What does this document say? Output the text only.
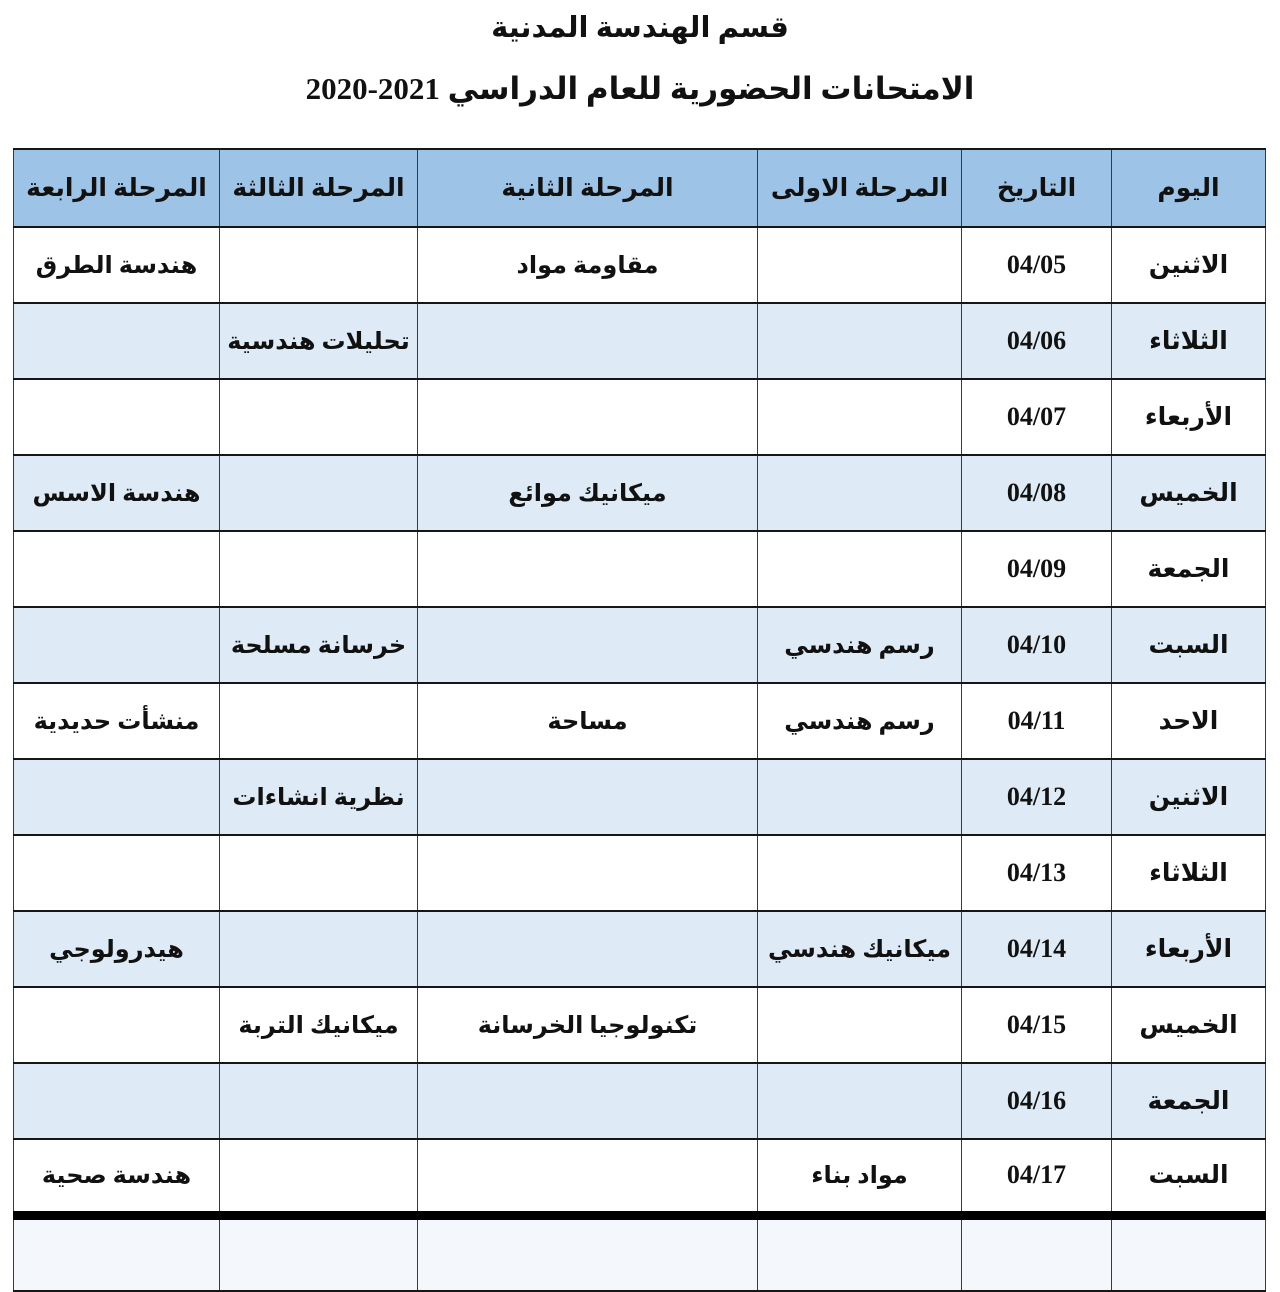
قسم الهندسة المدنية
الامتحانات الحضورية للعام الدراسي 2021-2020
اليوم	التاريخ	المرحلة الاولى	المرحلة الثانية	المرحلة الثالثة	المرحلة الرابعة
الاثنين	04/05		مقاومة مواد		هندسة الطرق
الثلاثاء	04/06			تحليلات هندسية	
الأربعاء	04/07				
الخميس	04/08		ميكانيك موائع		هندسة الاسس
الجمعة	04/09				
السبت	04/10	رسم هندسي		خرسانة مسلحة	
الاحد	04/11	رسم هندسي	مساحة		منشأت حديدية
الاثنين	04/12			نظرية انشاءات	
الثلاثاء	04/13				
الأربعاء	04/14	ميكانيك هندسي			هيدرولوجي
الخميس	04/15		تكنولوجيا الخرسانة	ميكانيك التربة	
الجمعة	04/16				
السبت	04/17	مواد بناء			هندسة صحية
